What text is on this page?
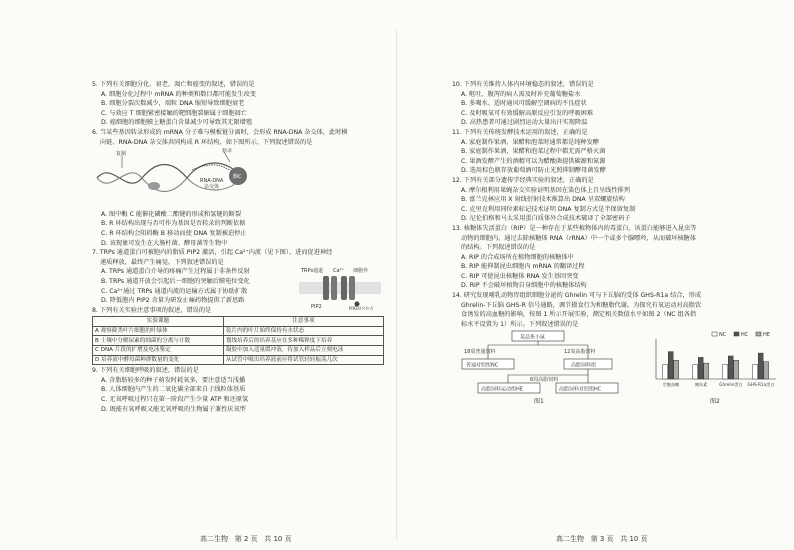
5. 下列有关细胞分化、衰老、凋亡和癌变的叙述，错误的是

A. 细胞分化过程中 mRNA 的种类和数目都可能发生改变

B. 细胞分裂次数减少，端粒 DNA 缩短导致细胞衰老

C. 与效应 T 细胞紧密接触的靶细胞裂解属于细胞凋亡

D. 癌细胞的细胞膜上糖蛋白含量减少可导致其无限增殖

6. 当某些基因转录形成的 mRNA 分子难与模板链分离时，会形成 RNA-DNA 杂交体，此时横

向链、RNA-DNA 杂交体共同构成 R 环结构，如下图所示。下列叙述错误的是

复制	转录
RNA-DNA
杂交体
酶C

A. 图中酶 C 能催化磷酸二酯键的形成和氢键的断裂

B. R 环结构出现与否可作为基因是否转录的判断依据

C. R 环结构会阻碍酶 B 移动而使 DNA 复制被迫停止

D. 该现象可发生在大肠杆菌、酵母菌等生物中

7. TRPs 通道蛋白可被胞内的脂质 PIP2 激活，引起 Ca²⁺内流（见下图），进而促进神经

递质释放，最终产生痛觉。下列叙述错误的是

TRPs通道	细胞外
Ca²⁺
PIP2	PIP2结合位点

A. TRPs 通道蛋白介导的疼痛产生过程属于非条件反射

B. TRPs 通道开放会引起后一细胞的突触后膜电位变化

C. Ca²⁺通过 TRPs 通道内流的运输方式属于协助扩散

D. 降低胞内 PIP2 含量为研发止痛药物提供了新思路

8. 下列有关实验注意事项的叙述，错误的是

实验课题	注意事项
A 观察藓类叶片细胞的叶绿体	装片内的叶片始终保持有水状态
B 土壤中分解尿素的细菌的分离与计数	划线培养后的培养基应在多种稀释度下培养
C DNA 片段的扩增及电泳鉴定	凝胶中加入适量缓冲液，待加入样品后立刻电泳
D 培养液中酵母菌种群数量的变化	从试管中吸出培养液前应将试管轻轻振荡几次

9. 下列有关细胞呼吸的叙述，错误的是

A. 含脂肪较多的种子萌发时耗氧多，要注意适当浅播

B. 人体细胞内产生的二氧化碳全部来自于线粒体基质

C. 无氧呼吸过程只在第一阶段产生少量 ATP 和还原氢

D. 既能有氧呼吸又能无氧呼吸的生物属于兼性厌氧型

高二生物   第 2 页   共 10 页

10. 下列有关维持人体内环境稳态的叙述，错误的是

A. 呕吐、腹泻的病人需及时补充葡萄糖盐水

B. 多喝水、适时通风可缓解空调病的不良症状

C. 及时吸氧可有效缓解高原反应引发的呼吸困难

D. 高热患者可通过剧烈运动大量出汗实现降温

11. 下列有关传统发酵技术运用的叙述，正确的是

A. 家庭制作果酒、果醋和泡菜时通常都是纯种发酵

B. 家庭制作果酒，果醋和泡菜过程中都无需严格灭菌

C. 果酒发酵产生的酒精可以为醋酸菌提供碳源和氮源

D. 选用棕色瓶存放葡萄酒可防止光照抑制酵母菌发酵

12. 下列有关部分遗传学经典实验的叙述，正确的是

A. 摩尔根利用果蝇杂交实验证明基因在染色体上且呈线性排列

B. 富兰克林应用 X 射线衍射技术推算出 DNA 呈双螺旋结构

C. 克里克利用同位素标记技术证明 DNA 复制方式是半保留复制

D. 尼伦伯格和马太采用蛋白质体外合成技术破译了全部密码子

13. 核糖体失活蛋白（RIP）是一种存在于某些植物体内的毒蛋白，该蛋白能够进入昆虫等

动物的细胞内，通过去除核糖体 RNA（rRNA）中一个或多个腺嘌呤，从而破坏核糖体

的结构。下列叙述错误的是

A. RIP 的合成场所在植物细胞的核糖体中

B. RIP 能抑制昆虫细胞内 mRNA 的翻译过程

C. RIP 可使昆虫核糖体 RNA 发生基因突变

D. RIP 不会破坏植物自身细胞中的核糖体结构

14. 研究发现哺乳动物胃组织细胞分泌的 Ghrelin 可与下丘脑的受体 GHS-R1a 结合，形成

Ghrelin-下丘脑 GHS-R 信号通路，调节摄食行为和糖脂代谢。为探究有氧运动对高脂饮

食诱发的高血糖的影响，按图 1 所示开展实验，测定相关数值水平如图 2（NC 组各指

标水平设置为 1）所示。下列叙述错误的是

某品系小鼠
18周普通饲料	12周高脂饲料
普通对照组NC	高脂饲料组
6周高脂饲料
高脂饲料运动组HE	高脂饲料对照组HC
图1
空腹血糖	胰岛素	Ghrelin蛋白 GHS-R1a蛋白
NC	HC	HE
图2
高二生物   第 3 页   共 10 页
